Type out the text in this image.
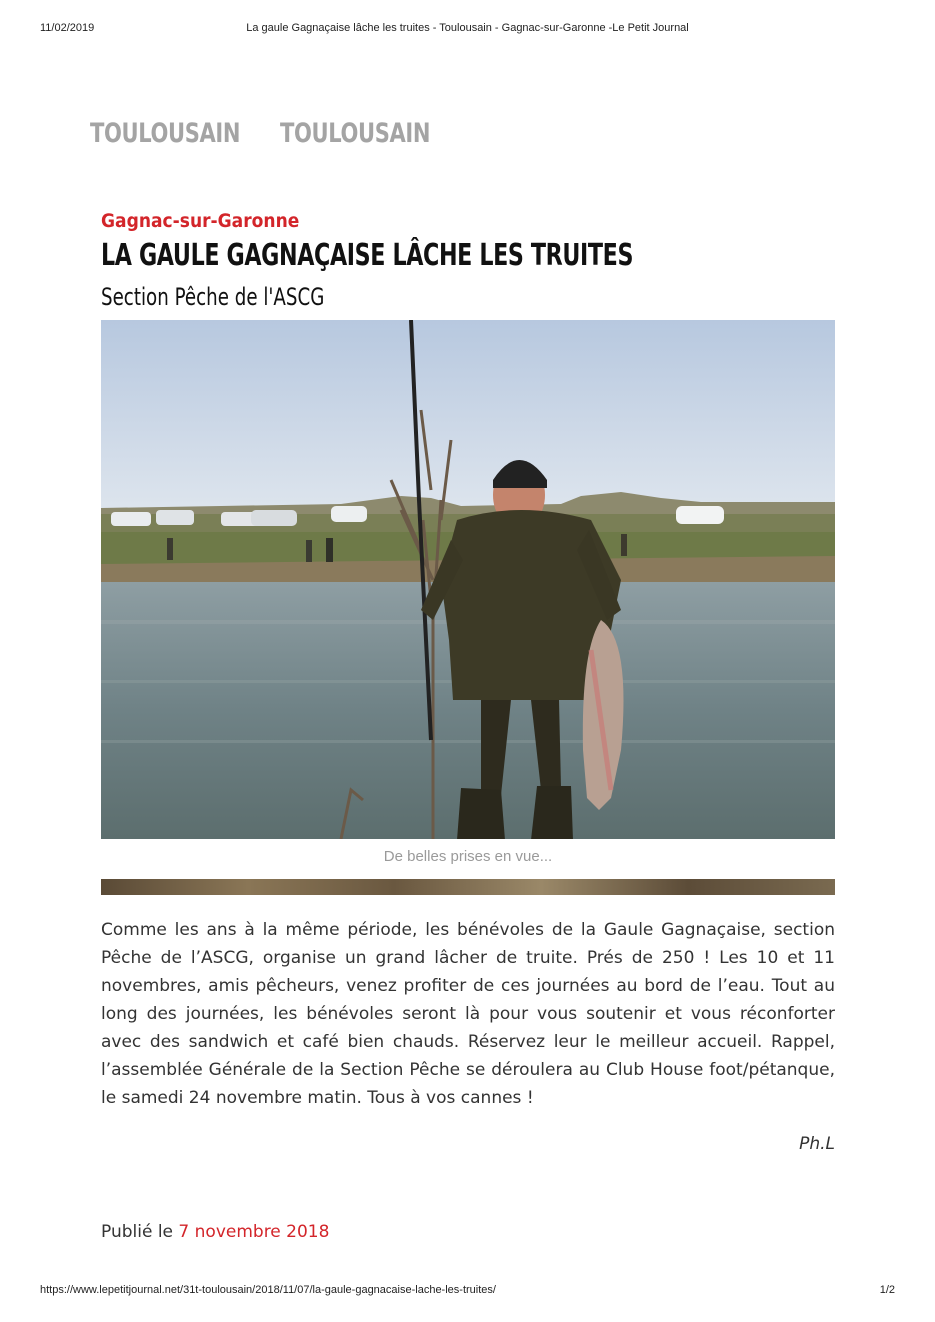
11/02/2019	La gaule Gagnaçaise lâche les truites - Toulousain - Gagnac-sur-Garonne -Le Petit Journal
TOULOUSAIN TOULOUSAIN
Gagnac-sur-Garonne
LA GAULE GAGNAÇAISE LÂCHE LES TRUITES
Section Pêche de l'ASCG
De belles prises en vue...

Comme les ans à la même période, les bénévoles de la Gaule Gagnaçaise, section Pêche de l’ASCG, organise un grand lâcher de truite. Prés de 250 ! Les 10 et 11 novembres, amis pêcheurs, venez profiter de ces journées au bord de l’eau. Tout au long des journées, les bénévoles seront là pour vous soutenir et vous réconforter avec des sandwich et café bien chauds. Réservez leur le meilleur accueil. Rappel, l’assemblée Générale de la Section Pêche se déroulera au Club House foot/pétanque, le samedi 24 novembre matin. Tous à vos cannes !

Ph.L

Publié le 7 novembre 2018
https://www.lepetitjournal.net/31t-toulousain/2018/11/07/la-gaule-gagnacaise-lache-les-truites/	1/2
